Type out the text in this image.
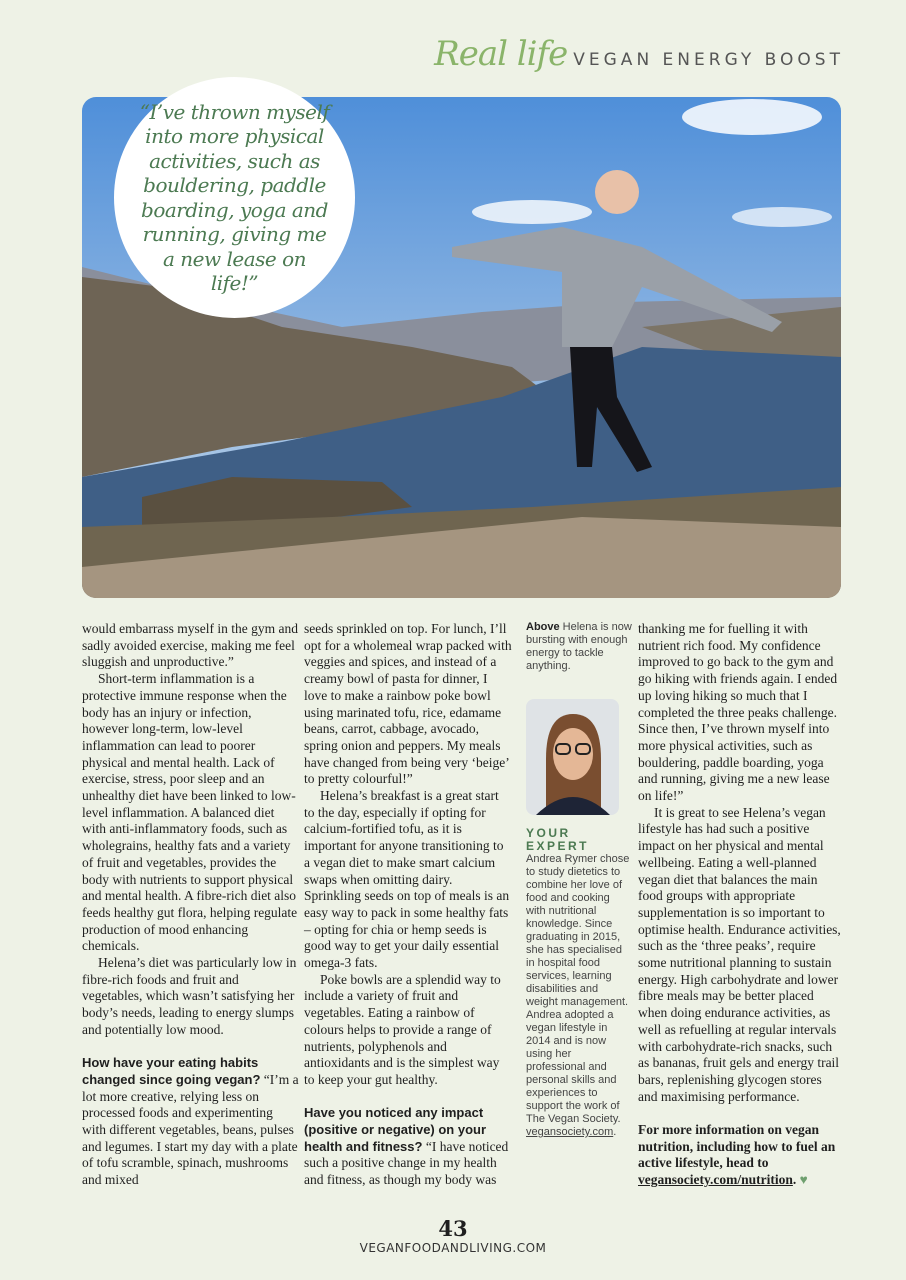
Real life VEGAN ENERGY BOOST

“I’ve thrown myself into more physical activities, such as bouldering, paddle boarding, yoga and running, giving me a new lease on life!”

would embarrass myself in the gym and sadly avoided exercise, making me feel sluggish and unproductive.”

Short-term inflammation is a protective immune response when the body has an injury or infection, however long-term, low-level inflammation can lead to poorer physical and mental health. Lack of exercise, stress, poor sleep and an unhealthy diet have been linked to low-level inflammation. A balanced diet with anti-inflammatory foods, such as wholegrains, healthy fats and a variety of fruit and vegetables, provides the body with nutrients to support physical and mental health. A fibre-rich diet also feeds healthy gut flora, helping regulate production of mood enhancing chemicals.

Helena’s diet was particularly low in fibre-rich foods and fruit and vegetables, which wasn’t satisfying her body’s needs, leading to energy slumps and potentially low mood.

How have your eating habits changed since going vegan? “I’m a lot more creative, relying less on processed foods and experimenting with different vegetables, beans, pulses and legumes. I start my day with a plate of tofu scramble, spinach, mushrooms and mixed

seeds sprinkled on top. For lunch, I’ll opt for a wholemeal wrap packed with veggies and spices, and instead of a creamy bowl of pasta for dinner, I love to make a rainbow poke bowl using marinated tofu, rice, edamame beans, carrot, cabbage, avocado, spring onion and peppers. My meals have changed from being very ‘beige’ to pretty colourful!”

Helena’s breakfast is a great start to the day, especially if opting for calcium-fortified tofu, as it is important for anyone transitioning to a vegan diet to make smart calcium swaps when omitting dairy. Sprinkling seeds on top of meals is an easy way to pack in some healthy fats – opting for chia or hemp seeds is good way to get your daily essential omega-3 fats.

Poke bowls are a splendid way to include a variety of fruit and vegetables. Eating a rainbow of colours helps to provide a range of nutrients, polyphenols and antioxidants and is the simplest way to keep your gut healthy.

Have you noticed any impact (positive or negative) on your health and fitness? “I have noticed such a positive change in my health and fitness, as though my body was

Above Helena is now bursting with enough energy to tackle anything.
YOUR
EXPERT
Andrea Rymer chose to study dietetics to combine her love of food and cooking with nutritional knowledge. Since graduating in 2015, she has specialised in hospital food services, learning disabilities and weight management. Andrea adopted a vegan lifestyle in 2014 and is now using her professional and personal skills and experiences to support the work of The Vegan Society. vegansociety.com.

thanking me for fuelling it with nutrient rich food. My confidence improved to go back to the gym and go hiking with friends again. I ended up loving hiking so much that I completed the three peaks challenge. Since then, I’ve thrown myself into more physical activities, such as bouldering, paddle boarding, yoga and running, giving me a new lease on life!”

It is great to see Helena’s vegan lifestyle has had such a positive impact on her physical and mental wellbeing. Eating a well-planned vegan diet that balances the main food groups with appropriate supplementation is so important to optimise health. Endurance activities, such as the ‘three peaks’, require some nutritional planning to sustain energy. High carbohydrate and lower fibre meals may be better placed when doing endurance activities, as well as refuelling at regular intervals with carbohydrate-rich snacks, such as bananas, fruit gels and energy trail bars, replenishing glycogen stores and maximising performance.

For more information on vegan nutrition, including how to fuel an active lifestyle, head to vegansociety.com/nutrition. ♥

43
VEGANFOODANDLIVING.COM
